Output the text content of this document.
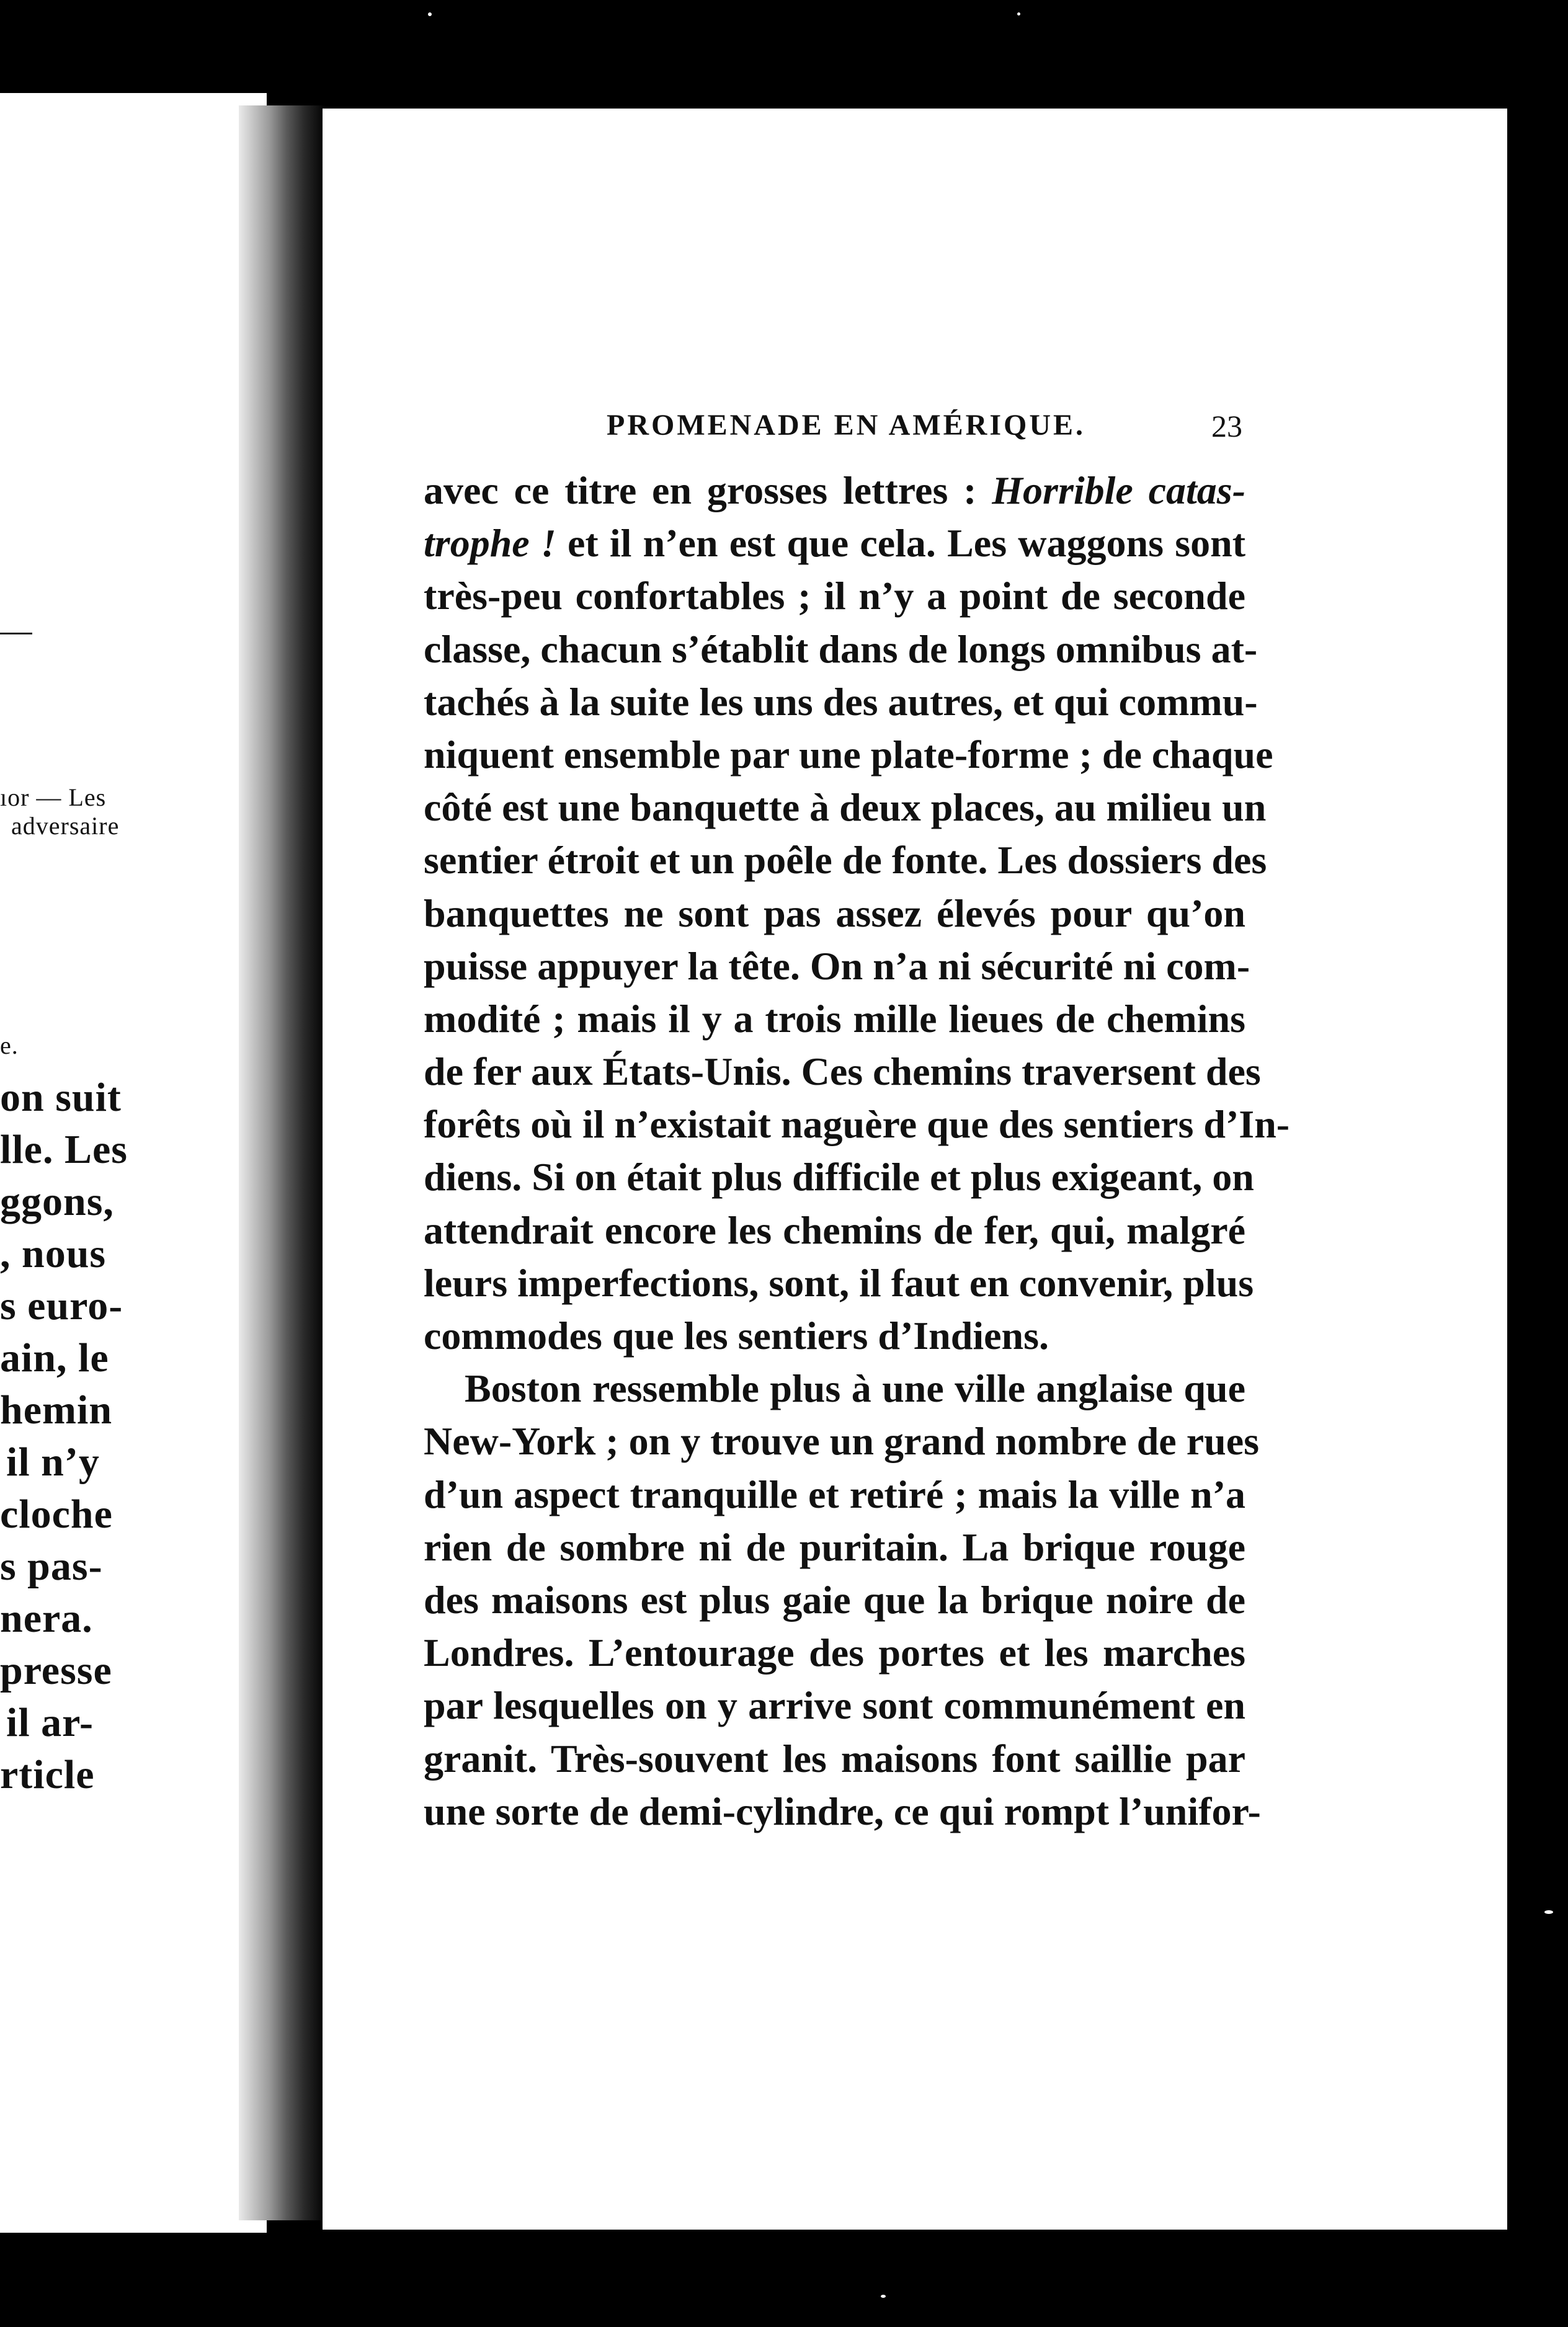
ıor — Les
adversaire
e.
on suit
lle. Les
ggons,
, nous
s euro-
ain, le
hemin
il n’y
cloche
s pas-
nera.
presse
il ar-
rticle
PROMENADE EN AMÉRIQUE.	23
avec ce titre en grosses lettres : Horrible catas-
trophe ! et il n’en est que cela. Les waggons sont
très-peu confortables ; il n’y a point de seconde
classe, chacun s’établit dans de longs omnibus at-
tachés à la suite les uns des autres, et qui commu-
niquent ensemble par une plate-forme ; de chaque
côté est une banquette à deux places, au milieu un
sentier étroit et un poêle de fonte. Les dossiers des
banquettes ne sont pas assez élevés pour qu’on
puisse appuyer la tête. On n’a ni sécurité ni com-
modité ; mais il y a trois mille lieues de chemins
de fer aux États-Unis. Ces chemins traversent des
forêts où il n’existait naguère que des sentiers d’In-
diens. Si on était plus difficile et plus exigeant, on
attendrait encore les chemins de fer, qui, malgré
leurs imperfections, sont, il faut en convenir, plus
commodes que les sentiers d’Indiens.
Boston ressemble plus à une ville anglaise que
New-York ; on y trouve un grand nombre de rues
d’un aspect tranquille et retiré ; mais la ville n’a
rien de sombre ni de puritain. La brique rouge
des maisons est plus gaie que la brique noire de
Londres. L’entourage des portes et les marches
par lesquelles on y arrive sont communément en
granit. Très-souvent les maisons font saillie par
une sorte de demi-cylindre, ce qui rompt l’unifor-
